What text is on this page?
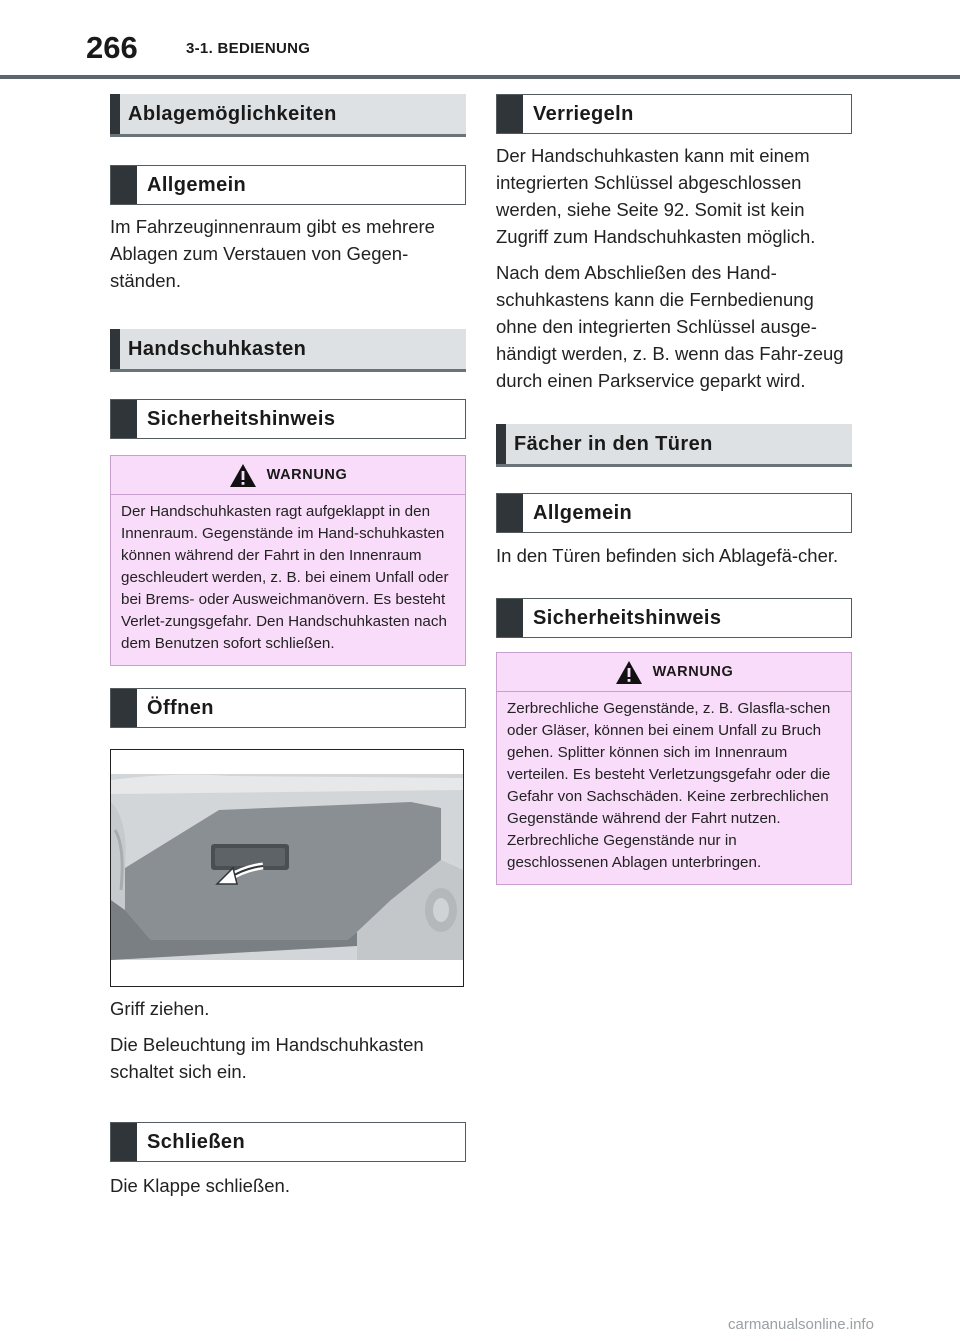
266	3-1. BEDIENUNG
Ablagemöglichkeiten
Allgemein

Im Fahrzeuginnenraum gibt es mehrere Ablagen zum Verstauen von Gegen-ständen.

Handschuhkasten
Sicherheitshinweis
WARNUNG
Der Handschuhkasten ragt aufgeklappt in den Innenraum. Gegenstände im Hand-schuhkasten können während der Fahrt in den Innenraum geschleudert werden, z. B. bei einem Unfall oder bei Brems- oder Ausweichmanövern. Es besteht Verlet-zungsgefahr. Den Handschuhkasten nach dem Benutzen sofort schließen.
Öffnen

Griff ziehen.

Die Beleuchtung im Handschuhkasten schaltet sich ein.

Schließen

Die Klappe schließen.

Verriegeln

Der Handschuhkasten kann mit einem integrierten Schlüssel abgeschlossen werden, siehe Seite 92. Somit ist kein Zugriff zum Handschuhkasten möglich.

Nach dem Abschließen des Hand-schuhkastens kann die Fernbedienung ohne den integrierten Schlüssel ausge-händigt werden, z. B. wenn das Fahr-zeug durch einen Parkservice geparkt wird.

Fächer in den Türen
Allgemein

In den Türen befinden sich Ablagefä-cher.

Sicherheitshinweis
WARNUNG
Zerbrechliche Gegenstände, z. B. Glasfla-schen oder Gläser, können bei einem Unfall zu Bruch gehen. Splitter können sich im Innenraum verteilen. Es besteht Verletzungsgefahr oder die Gefahr von Sachschäden. Keine zerbrechlichen Gegenstände während der Fahrt nutzen. Zerbrechliche Gegenstände nur in geschlossenen Ablagen unterbringen.
carmanualsonline.info
